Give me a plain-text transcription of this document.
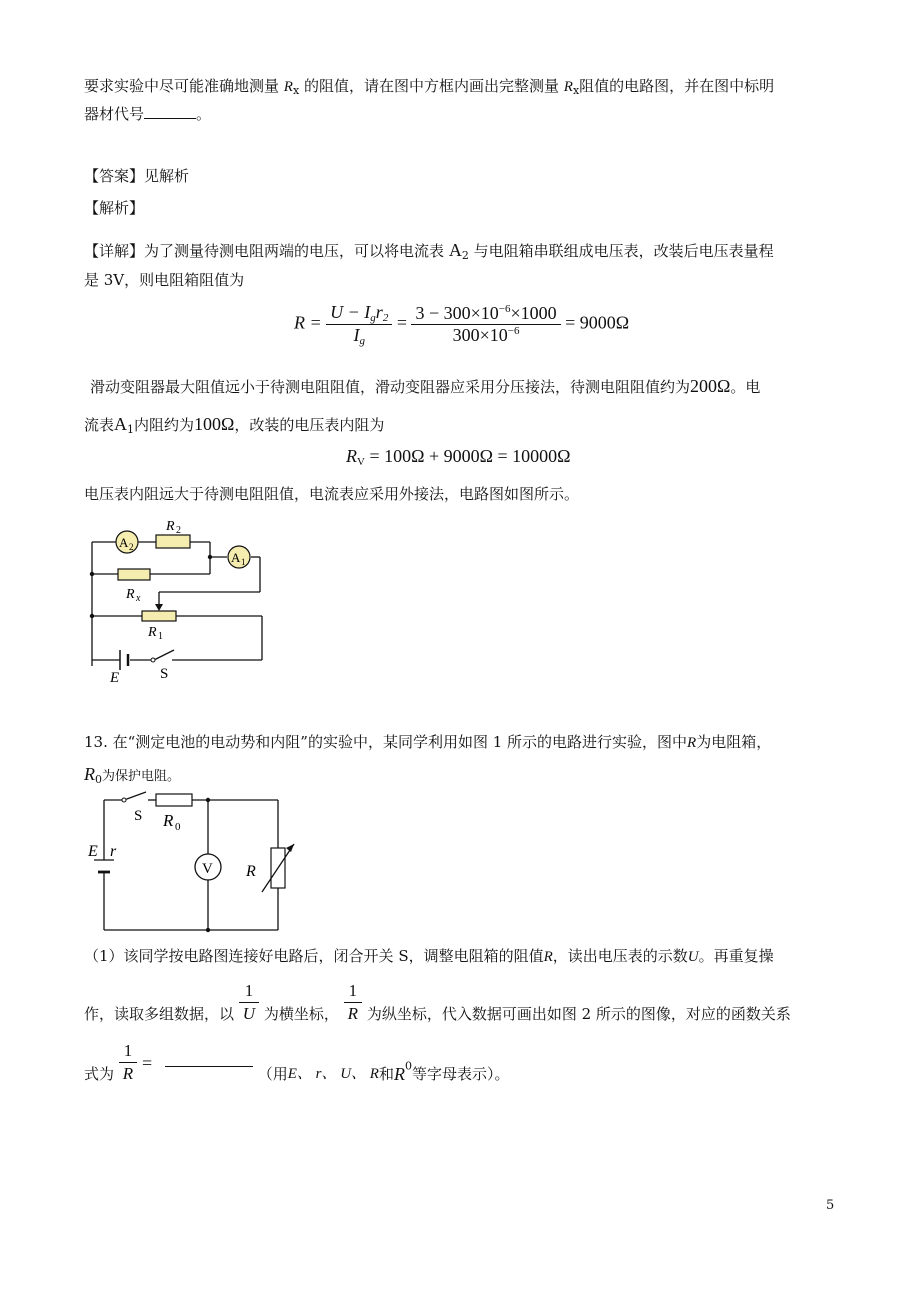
要求实验中尽可能准确地测量 $R_x$ 的阻值，请在图中方框内画出完整测量 $R_x$阻值的电路图，并在图中标明
器材代号	。
【答案】见解析
【解析】
【详解】为了测量待测电阻两端的电压，可以将电流表 $A_2$ 与电阻箱串联组成电压表，改装后电压表量程
是 3V，则电阻箱阻值为
$R = \frac{U - I_gr_2}{I_g} = \frac{3 - 300\times 10^{-6}\times 1000}{300\times 10^{-6}} = 9000\Omega$
滑动变阻器最大阻值远小于待测电阻阻值，滑动变阻器应采用分压接法，待测电阻阻值约为200Ω。电
流表$A_1$内阻约为100Ω，改装的电压表内阻为
$R_V = 100\Omega + 9000\Omega = 10000\Omega$
电压表内阻远大于待测电阻阻值，电流表应采用外接法，电路图如图所示。
A 2
R 2
A 1
R x
R 1
E	S
13. 在“测定电池的电动势和内阻”的实验中，某同学利用如图 1 所示的电路进行实验，图中R为电阻箱，
$R_0$为保护电阻。
S R 0
E r
V R
（1）该同学按电路图连接好电路后，闭合开关 S，调整电阻箱的阻值R，读出电压表的示数U。再重复操
作，读取多组数据，以 $\frac{1}{U}$ 为横坐标， $\frac{1}{R}$ 为纵坐标，代入数据可画出如图 2 所示的图像，对应的函数关系
式为 $\frac{1}{R}$ =  （用E、 r、 U、 R和$R_0$等字母表示）。
5
